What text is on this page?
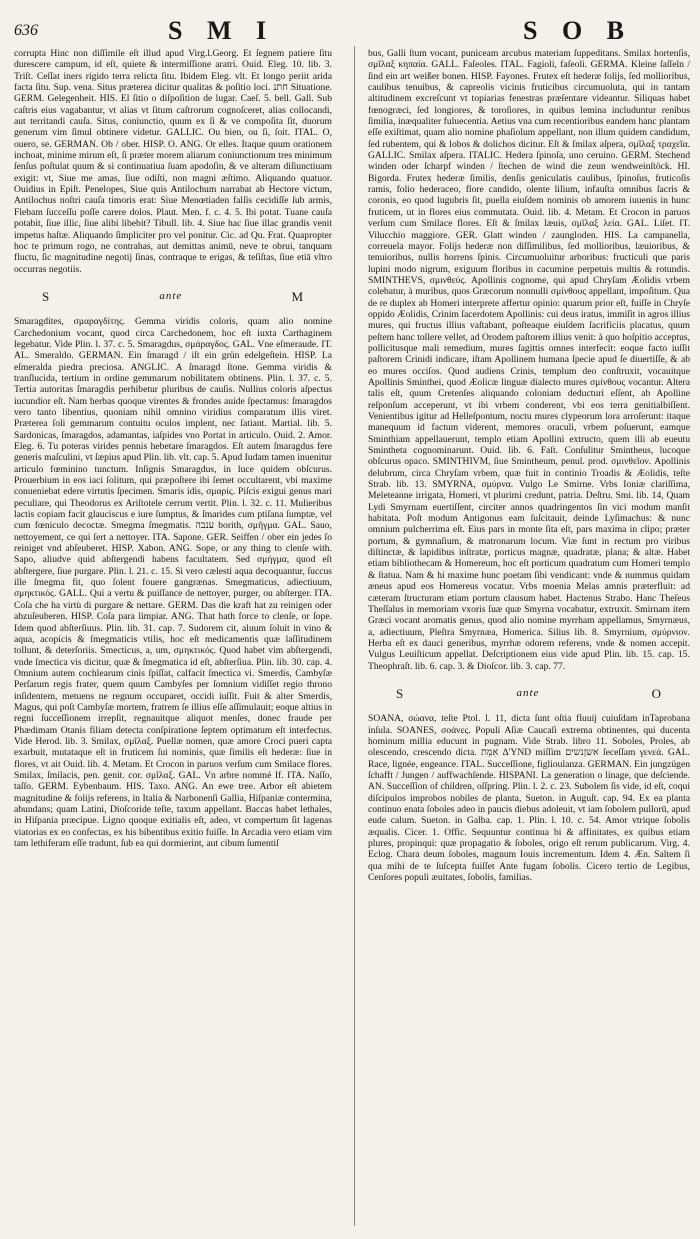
636	S M I	S O B

corrupta Hinc non diſſimile eſt illud apud Virg.l.Georg. Et ſegnem patiere ſitu durescere campum, id eſt, quiete & intermiſſione aratri. Ouid. Eleg. 10. lib. 3. Triſt. Ceſſat iners rigido terra relicta ſitu. Ibidem Eleg. vlt. Et longo periit arida facta ſitu. Sup. vena. Situs præterea dicitur qualitas & poſitio loci. חתנ Situatione. GERM. Gelegenheit. HIS. El ſitio o diſpoſition de lugar. Caeſ. 5. bell. Gall. Sub caſtris eius vagabantur, vt alias vt ſitum caſtrorum cognoſceret, alias collocandi, aut territandi cauſa. Situs, coniunctio, quum ex ſi & ve compoſita ſit, duorum generum vim ſimul obtinere videtur. GALLIC. Ou bien, ou ſi, ſoit. ITAL. O, ouero, se. GERMAN. Ob / ober. HISP. O. ANG. Or elles. Itaque quum orationem inchoat, minime mirum eſt, ſi præter morem aliarum coniunctionum tres minimum ſenſus poſtulat quum & si continuatiua ſuam apodoſin, & ve alteram diſiunctiuam exigit: vt, Siue me amas, ſiue odiſti, non magni æſtimo. Aliquando quatuor. Ouidius in Epiſt. Penelopes, Siue quis Antilochum narrabat ab Hectore victum, Antilochus noſtri cauſa timoris erat: Siue Menœtiaden falſis cecidiſſe ſub armis, Flebam ſucceſſu poſſe carere dolos. Plaut. Men. f. c. 4. 5. Ibi potat. Tuane cauſa potabit, ſiue illic, ſiue alibi libebit? Tibull. lib. 4. Siue hac ſiue illac grandis venit impetus haſtæ. Aliquando ſimpliciter pro vel ponitur. Cic. ad Qu. Frat. Quapropter hoc te primum rogo, ne contrahas, aut demittas animū, neve te obrui, tanquam fluctu, ſic magnitudine negotij ſinas, contraque te erigas, & teſiſtas, ſiue etiā vltro occurras negotiis.

S	ante	M

Smaragdites, σμαραγδίτης. Gemma viridis coloris, quam alio nomine Carchedonium vocant, quod circa Carchedonem, hoc eſt iuxta Carthaginem legebatur. Vide Plin. l. 37. c. 5. Smaragdus, σμάραγδος. GAL. Vne eſmeraude. IT. AL. Smeraldo. GERMAN. Ein ſmaragd / iſt ein grün edelgeſtein. HISP. La eſmeralda piedra preciosa. ANGLIC. A ſmaragd ſtone. Gemma viridis & tranſlucida, tertium in ordine gemmarum nobilitatem obtinens. Plin. l. 37. c. 5. Tertia autoritas ſmaragdis perhibetur pluribus de cauſis. Nullius coloris aſpectus iucundior eſt. Nam herbas quoque virentes & frondes auide ſpectamus: ſmaragdos vero tanto libentius, quoniam nihil omnino viridius comparatum illis viret. Præterea ſoli gemmarum contuitu oculos implent, nec ſatiant. Martial. lib. 5. Sardonicas, ſmaragdos, adamantas, iaſpides vno Portat in articulo. Ouid. 2. Amor. Eleg. 6. Tu poteras virides pennis hebetare ſmaragdos. Eſt autem ſmaragdus fere generis maſculini, vt ſæpius apud Plin. lib. vlt. cap. 5. Apud Iudam tamen inuenitur articulo fœminino tunctum. Inſignis Smaragdus, in luce quidem obſcurus. Prouerbium in eos iaci ſolitum, qui præpoſtere ibi ſemet occultarent, vbi maxime conueniebat edere virtutis ſpecimen. Smaris idis, σμαρίς. Piſcis exigui genus mari peculiare, qui Theodorus ex Ariſtotele cerrum vertit. Plin. l. 32. c. 11. Mulieribus lactis copiam facit glauciscus e iure ſumptus, & ſmarides cum ptiſana ſumptæ, vel cum fœniculo decoctæ. Smegma ſmegmatis. ענבה borith, σμῆγμα. GAL. Sauo, nettoyement, ce qui ſert a nettoyer. ITA. Sapone. GER. Seiffen / ober ein jedes ſo reiniget vnd abſeuberet. HISP. Xabon. ANG. Sope, or any thing to clenſe with. Sapo, aliudve quid abſtergendi habens facultatem. Sed σμήγμα, quod eſt abſtergere, ſiue purgare. Plin. l. 21. c. 15. Si vero cælesti aqua decoquantur, ſuccus ille ſmegma fit, quo ſolent fouere gangrænas. Smegmaticus, adiectiuum, σμηκτικός. GALL. Qui a vertu & puiſſance de nettoyer, purger, ou abſterger. ITA. Coſa che ha virtù di purgare & nettare. GERM. Das die kraft hat zu reinigen oder abzuſeuberen. HISP. Coſa para limpiar. ANG. That hath force to clenſe, or ſope. Idem quod abſterſiuus. Plin. lib. 31. cap. 7. Sudorem cit, aluum ſoluit in vino & aqua, acopicis & ſmegmaticis vtilis, hoc eſt medicamentis quæ laſſitudinem tollunt, & deterſoriis. Smecticus, a, um, σμηκτικός. Quod habet vim abſtergendi, vnde ſmectica vis dicitur, quæ & ſmegmatica id eſt, abſterſiua. Plin. lib. 30. cap. 4. Omnium autem cochlearum cinis ſpiſſat, calfacit ſmectica vi. Smerdis, Cambyſæ Perſarum regis frater, quem quum Cambyſes per ſomnium vidiſſet regio throno inſidentem, metuens ne regnum occuparet, occidi iuſſit. Fuit & alter Smerdis, Magus, qui poſt Cambyſæ mortem, fratrem ſe illius eſſe aſſimulauit; eoque altius in regni ſucceſſionem irrepſit, regnauitque aliquot menſes, donec fraude per Phædimam Otanis filiam detecta conſpiratione ſeptem optimatum eſt interfectus. Vide Herod. lib. 3. Smilax, σμῖλαξ. Puellæ nomen, quæ amore Croci pueri capta exarbuit, mutataque eſt in fruticem ſui nominis, quæ ſimilis eſt hederæ: ſiue in flores, vt ait Ouid. lib. 4. Metam. Et Crocon in paruos verſum cum Smilace flores. Smilax, ſmilacis, pen. genit. cor. σμῖλαξ. GAL. Vn arbre nommé If. ITA. Naſſo, taſſo. GERM. Eybenbaum. HIS. Taxo. ANG. An ewe tree. Arbor eſt abietem magnitudine & folijs referens, in Italia & Narbonenſi Gallia, Hiſpaniæ contermina, abundans; quam Latini, Dioſcoride teſte, taxum appellant. Baccas habet lethales, in Hiſpania præcipue. Ligno quoque exitialis eſt, adeo, vt compertum ſit lagenas viatorias ex eo confectas, ex his bibentibus exitio fuiſſe. In Arcadia vero etiam vim tam lethiferam eſſe tradunt, ſub ea qui dormierint, aut cibum ſumentiſ

bus, Galli ſtum vocant, puniceam arcubus materiam ſuppeditans. Smilax hortenſis, σμῖλαξ κηπαία. GALL. Faſeoles. ITAL. Fagioli, faſeoli. GERMA. Kleine ſaſſeln / ſind ein art weißer bonen. HISP. Fayones. Frutex eſt hederæ folijs, ſed mollioribus, caulibus tenuibus, & capreolis vicinis fruticibus circumuoluta, qui in tantam altitudinem excreſcunt vt topiarias fenestras præſentare videantur. Siliquas habet fœnogræci, ſed longiores, & toroſiores, in quibus lemina includuntur renibus ſimilia, inæqualiter fuluecentia. Aetius vna cum recentioribus eandem hanc plantam eſſe exiſtimat, quam alio nomine phaſiolum appellant, non illum quidem candidum, ſed rubentem, qui & lobos & dolichos dicitur. Eſt & ſmilax aſpera, σμῖλαξ τραχεῖα. GALLIC. Smilax aſpera. ITALIC. Hedera ſpinoſa, uno ceruino. GERM. Stechend winden oder ſcharpf winden / ſtechen de wind die zeun wendweinſtöck. HI. Bigorda. Frutex hederæ ſimilis, denſis geniculatis caulibus, ſpinoſus, fruticoſis ramis, folio hederaceo, flore candido, olente lilium, infauſta omnibus ſacris & coronis, eo quod lugubris ſit, puella eiuſdem nominis ob amorem iuuenis in hunc fruticem, ut in flores eius commutata. Ouid. lib. 4. Metam. Et Crocon in paruos verſum cum Smilace flores. Eſt & ſmilax læuis, σμῖλαξ λεία. GAL. Liſet. IT. Vilucchio maggiore. GER. Glatt winden / zaungloden. HIS. La campanella, correuela mayor. Folijs hederæ non diſſimilibus, ſed mollioribus, læuioribus, & tenuioribus, nullis horrens ſpinis. Circumuoluitur arboribus: fructiculi que paris lupini modo nigrum, exiguum floribus in cacumine perpetuis multis & rotundis. SMINTHEVS, σμινθεύς. Apollinis cognome, qui apud Chryſam Æolidis vrbem colebatur, à muribus, quos Græcorum nonnulli σμίνθους appellant, impoſitum. Qua de re duplex ab Homeri interprete affertur opinio: quarum prior eſt, fuiſſe in Chryſe oppido Æolidis, Crinim ſacerdotem Apollinis: cui deus iratus, immiſit in agros illius mures, qui fructus illius vaſtabant, poſteaque eiuſdem ſacrificiis placatus, quum peſtem hanc tollere vellet, ad Orodem paſtorem illius venit: à quo hoſpitio acceptus, pollicitusque mali remedium, mures ſagittis omnes interfecit: eoque facto iuſſit paſtorem Crinidi indicare, iſtam Apollinem humana ſpecie apud ſe diuertiſſe, & ab eo mures occiſos. Quod audiens Crinis, templum deo conſtruxit, vocauitque Apollinis Sminthei, quod Æolicæ linguæ dialecto mures σμίνθους vocantur. Altera talis eſt, quum Cretenſes aliquando coloniam deducturi eſſent, ab Apolline reſponſum acceperunt, vt ibi vrbem conderent, vbi eos terra genitialbiſſent. Venientibus igitur ad Helleſpontum, noctu mures clypeorum lora arroſerunt: itaque manequum id factum viderent, memores oraculi, vrbem poſuerunt, eamque Sminthiam appellauerunt, templo etiam Apollini extructo, quem illi ab eueutu Smintheta cognominarunt. Ouid. lib. 6. Faſt. Conſulitur Smintheus, lucoque obſcurus opaco. SMINTHIVM, ſiue Smintheum, penul. prod. σμινθεῖον. Apollinis delubrum, circa Chryſam vrbem, quæ fuit in continio Troadis & Æolidis, teſte Strab. lib. 13. SMYRNA, σμύρνα. Vulgo Le Smirne. Vrbs Ioniæ clariſſima, Meleteanne irrigata, Homeri, vt plurimi credunt, patria. Deſtru. Smi. lib. 14, Quam Lydi Smyrnam euertiſſent, circiter annos quadringentos ſin vici modum manſit habitata. Poſt modum Antigonus eam ſuſcitauit, deinde Lyſimachus: & nunc omnium pulcherrima eſt. Eius pars in monte ſita eſt, pars maxima in clipo; præter portum, & gymnaſium, & matronarum locum. Viæ ſunt in rectum pro viribus diſtinctæ, & lapidibus inſtratæ, porticus magnæ, quadratæ, plana; & altæ. Habet etiam bibliothecam & Homereum, hoc eſt porticum quadratum cum Homeri templo & ſtatua. Nam & hi maxime hunc poetam ſibi vendicant: vnde & nummus quidam æneus apud eos Homereus vocatur. Vrbs moenia Melas amnis præterfluit: ad cæteram ſtructuram etiam portum clausum habet. Hactenus Strabo. Hanc Theſeus Theſſalus in memoriam vxoris ſuæ quæ Smyrna vocabatur, extruxit. Smirnam item Græci vocant aromatis genus, quod alio nomine myrrham appellamus, Smyrnæus, a, adiectiuum, Pleſtra Smyrnæa, Homerica. Silius lib. 8. Smyrnium, σμύρνιον. Herba eſt ex dauci generibus, myrrhæ odorem referens, vnde & nomen accepit. Vulgus Leuiſticum appellat. Deſcriptionem eius vide apud Plin. lib. 15. cap. 15. Theophraſt. lib. 6. cap. 3. & Dioſcor. lib. 3. cap. 77.

S	ante	O

SOANA, σώανα, teſte Ptol. l. 11, dicta ſunt oſtia fluuij cuiuſdam inTaprobana inſula. SOANES, σοάνες. Populi Aſiæ Caucaſi extrema obtinentes, qui ducenta hominum millia educunt in pugnam. Vide Strab. libro 11. Soboles, Proles, ab olescendo, crescendo dicta. אִמְּת Δ'YND miſſim אשןנשים ſeceſſam γενεά. GAL. Race, lignée, engeance. ITAL. Succeſſione, figlioulanza. GERMAN. Ein jungzügen ſchafft / Jungen / auffwachſende. HISPANI. La generation o linage, que deſciende. AN. Succeſſion of children, oſſpring. Plin. l. 2. c. 23. Subolem ſis vide, id eſt, coqui diſcipulos improbos nobiles de planta, Sueton. in Auguſt. cap. 94. Ex ea planta continuo enata ſoboles adeo in paucis diebus adoleuit, vt iam ſobolem pullorū, apud eude calum. Sueton. in Galba. cap. 1. Plin. l. 10. c. 54. Amor vtrique ſobolis æqualis. Cicer. 1. Offic. Sequuntur continua bi & affinitates, ex quibus etiam plures, propinqui: quæ propagatio & ſoboles, origo eſt rerum publicarum. Virg. 4. Eclog. Chara deum ſoboles, magnum Iouis incrementum. Idem 4. Æn. Saltem ſi qua mihi de te ſuſcepta fuiſſet Ante fugam ſobolis. Cicero tertio de Legibus, Cenſores populi æuitates, ſobolis, familias.
